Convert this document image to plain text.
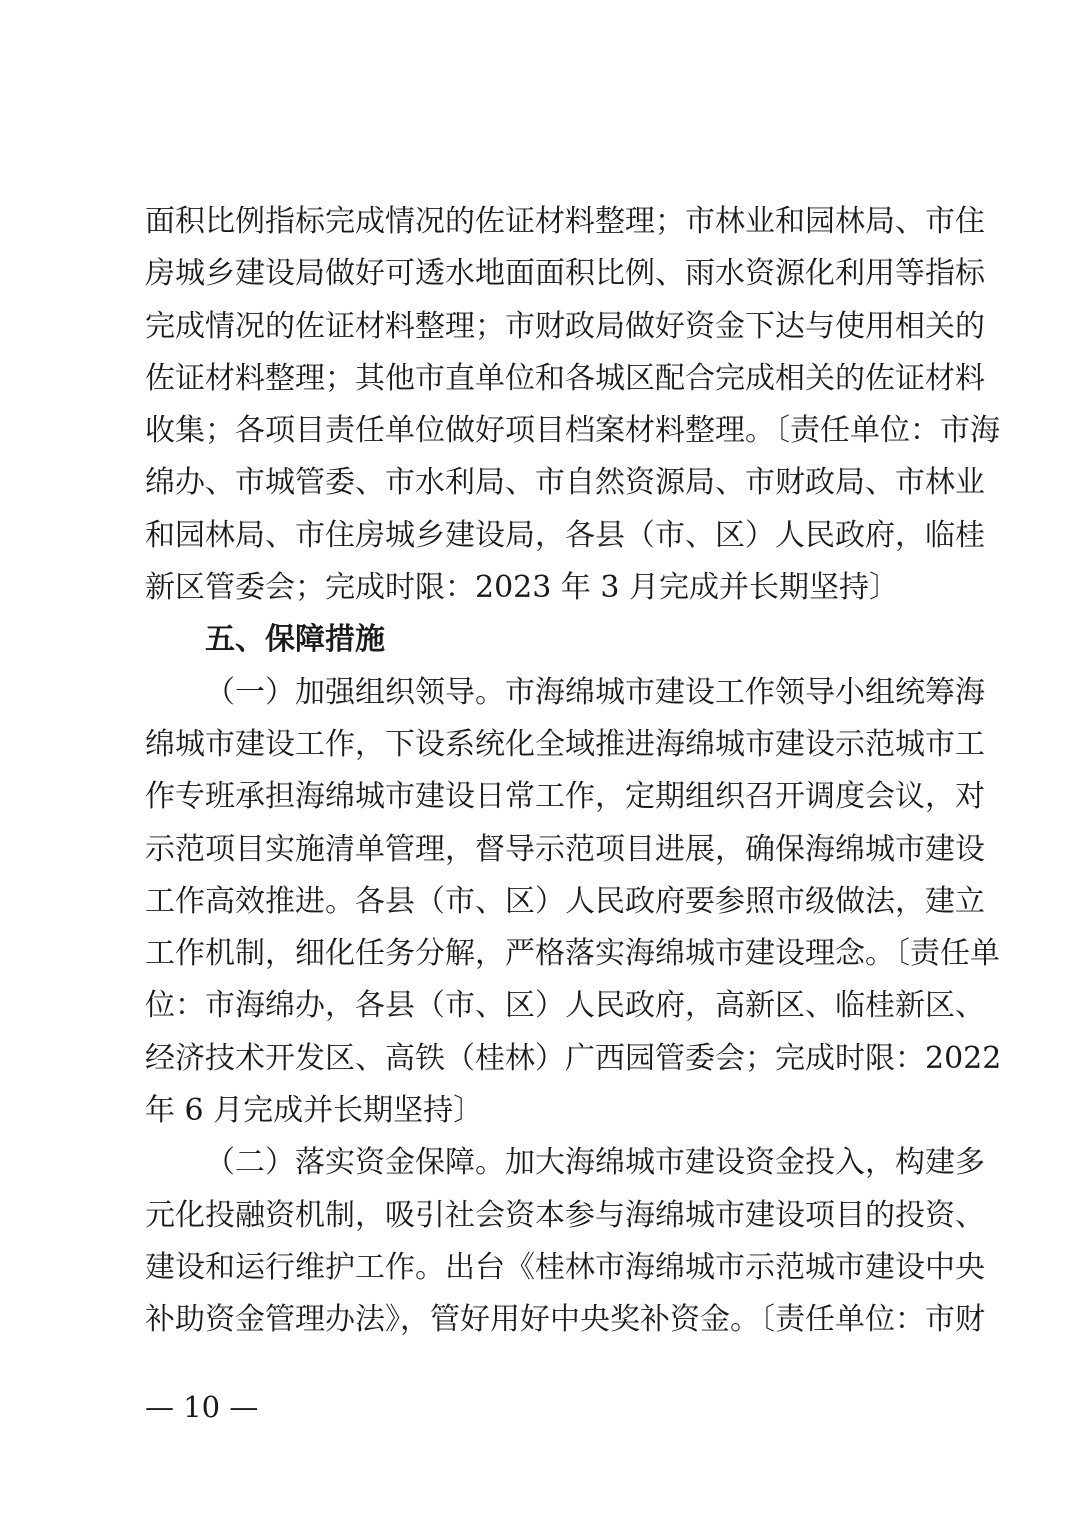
面积比例指标完成情况的佐证材料整理；市林业和园林局、市住
房城乡建设局做好可透水地面面积比例、雨水资源化利用等指标
完成情况的佐证材料整理；市财政局做好资金下达与使用相关的
佐证材料整理；其他市直单位和各城区配合完成相关的佐证材料
收集；各项目责任单位做好项目档案材料整理。〔责任单位：市海
绵办、市城管委、市水利局、市自然资源局、市财政局、市林业
和园林局、市住房城乡建设局，各县（市、区）人民政府，临桂
新区管委会；完成时限：2023 年 3 月完成并长期坚持〕
五、保障措施
（一）加强组织领导。市海绵城市建设工作领导小组统筹海
绵城市建设工作，下设系统化全域推进海绵城市建设示范城市工
作专班承担海绵城市建设日常工作，定期组织召开调度会议，对
示范项目实施清单管理，督导示范项目进展，确保海绵城市建设
工作高效推进。各县（市、区）人民政府要参照市级做法，建立
工作机制，细化任务分解，严格落实海绵城市建设理念。〔责任单
位：市海绵办，各县（市、区）人民政府，高新区、临桂新区、
经济技术开发区、高铁（桂林）广西园管委会；完成时限：2022
年 6 月完成并长期坚持〕
（二）落实资金保障。加大海绵城市建设资金投入，构建多
元化投融资机制，吸引社会资本参与海绵城市建设项目的投资、
建设和运行维护工作。出台《桂林市海绵城市示范城市建设中央
补助资金管理办法》，管好用好中央奖补资金。〔责任单位：市财
— 10 —
